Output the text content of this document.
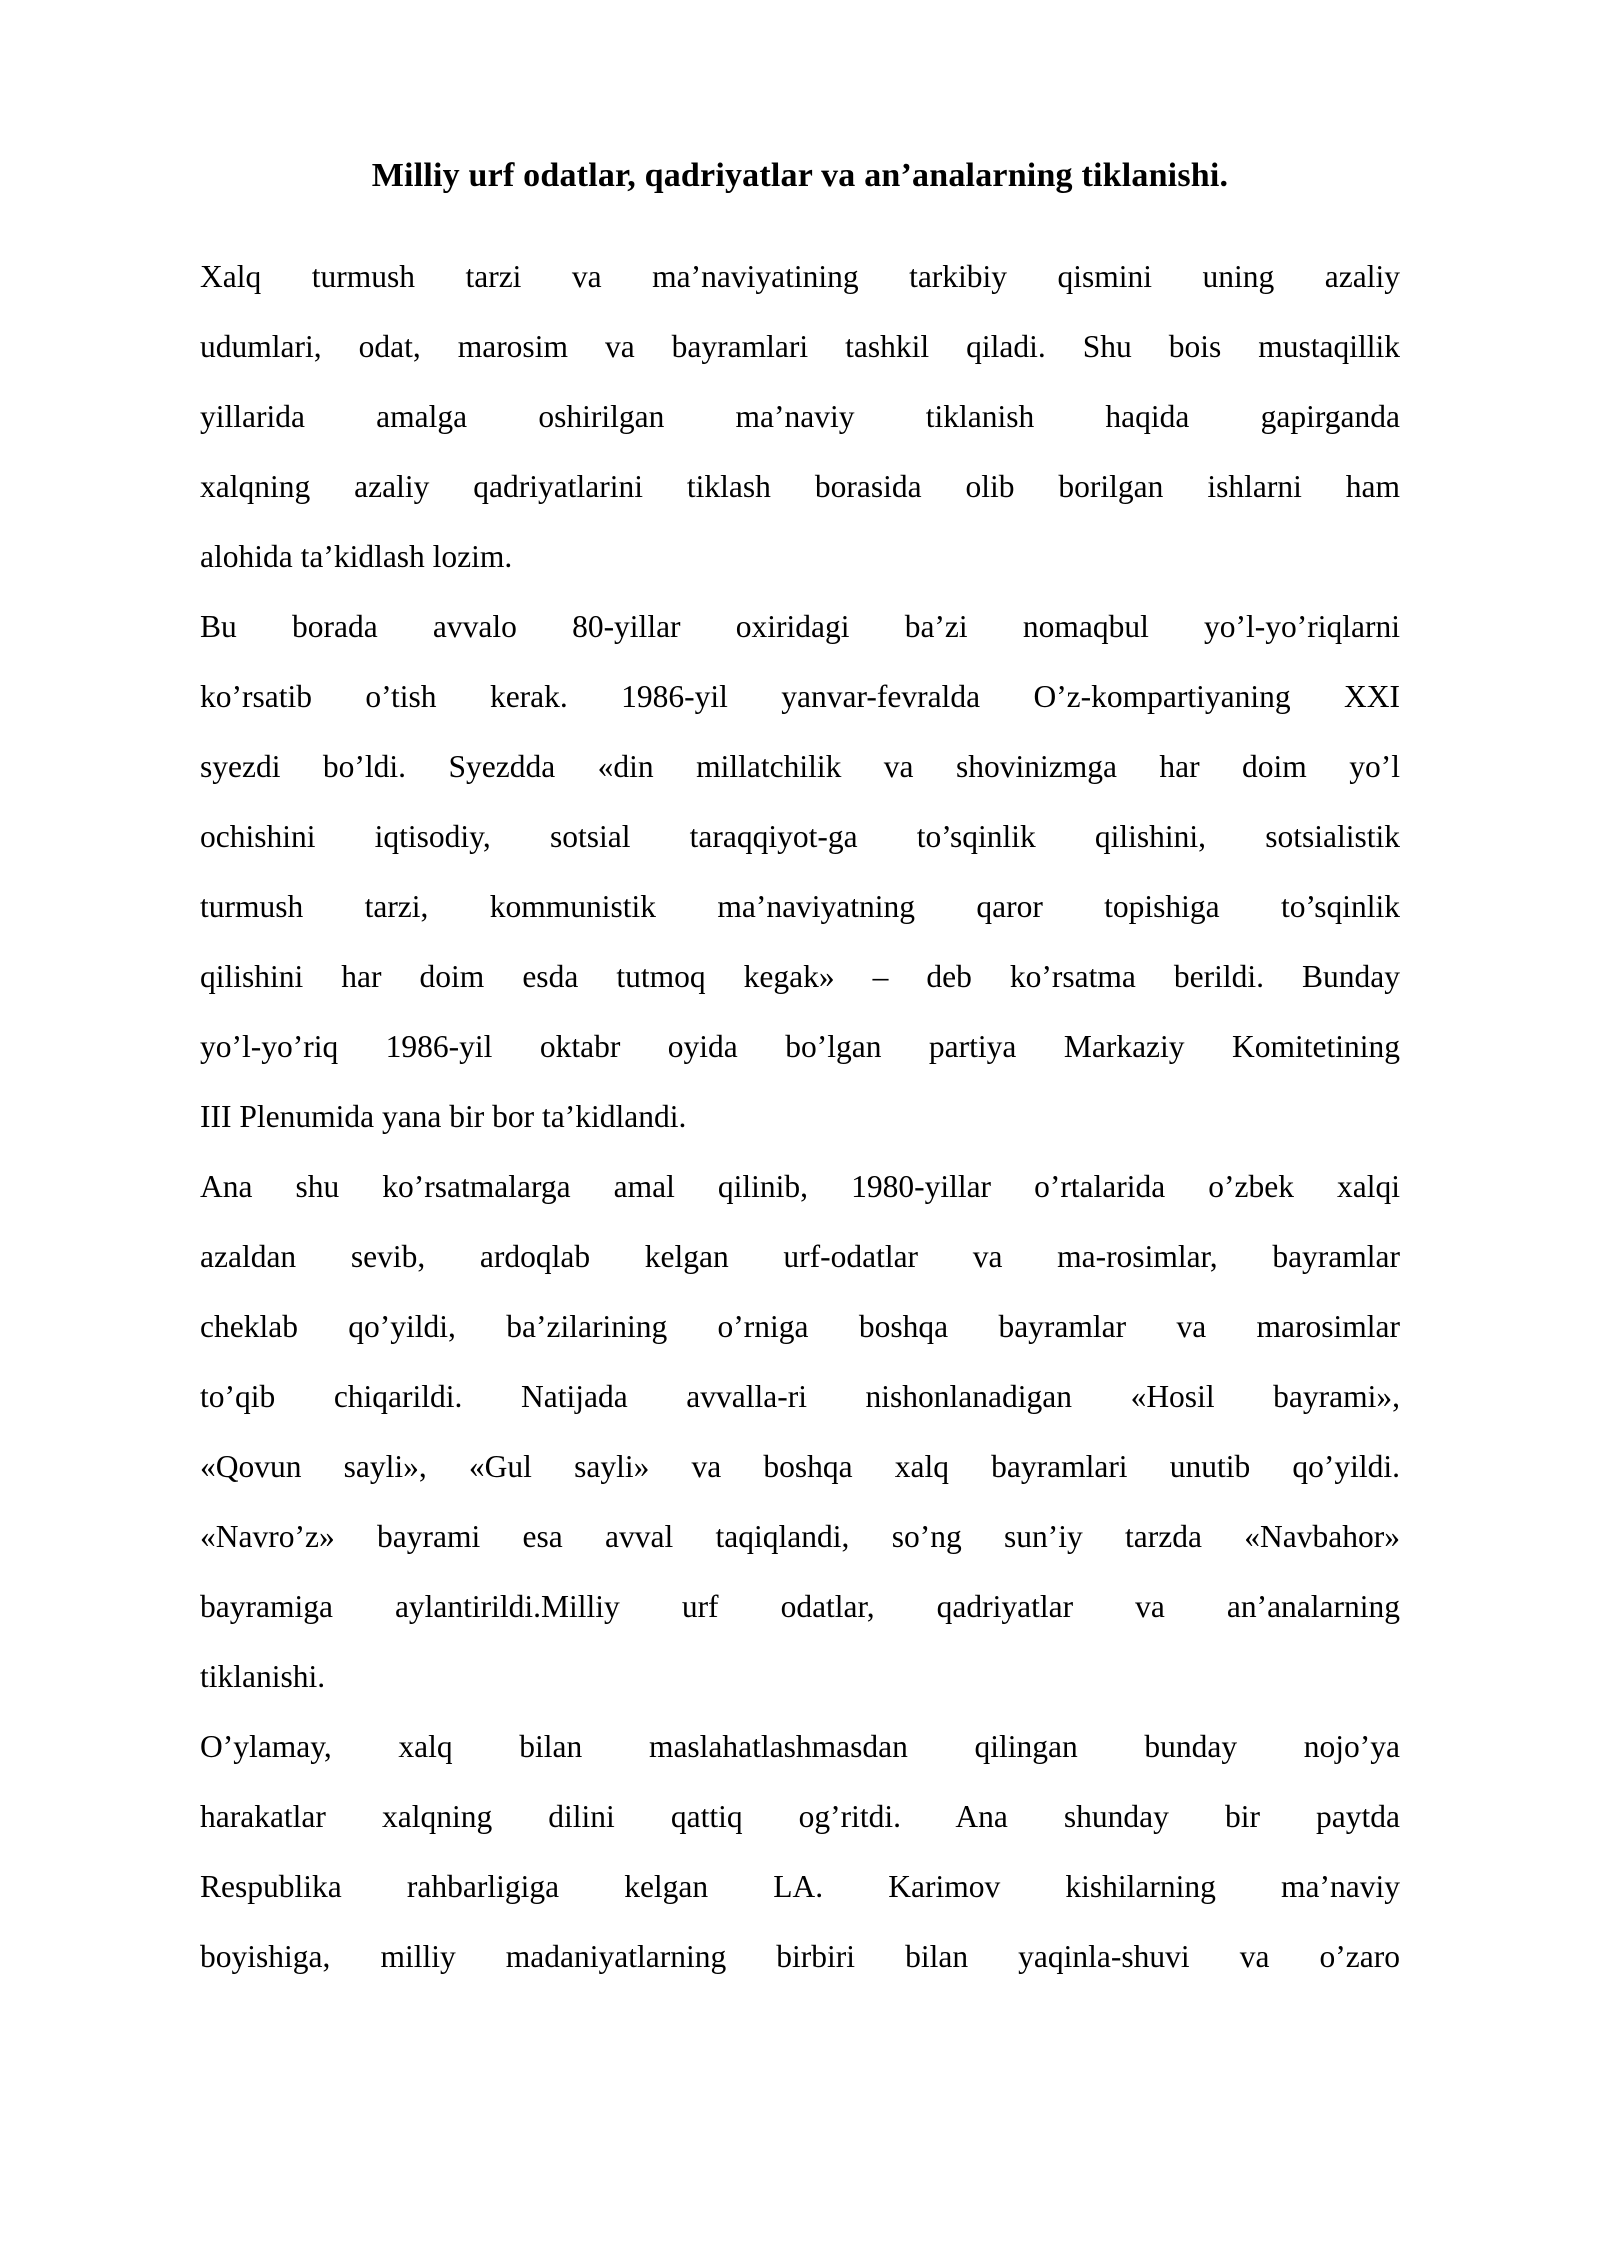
Milliy urf odatlar, qadriyatlar va an’analarning tiklanishi.
Xalq turmush tarzi va ma’naviyatining tarkibiy qismini uning azaliy
udumlari, odat, marosim va bayramlari tashkil qiladi. Shu bois mustaqillik
yillarida amalga oshirilgan ma’naviy tiklanish haqida gapirganda
xalqning azaliy qadriyatlarini tiklash borasida olib borilgan ishlarni ham
alohida ta’kidlash lozim.
Bu borada avvalo 80-yillar oxiridagi ba’zi nomaqbul yo’l-yo’riqlarni
ko’rsatib o’tish kerak. 1986-yil yanvar-fevralda O’z-kompartiyaning XXI
syezdi bo’ldi. Syezdda «din millatchilik va shovinizmga har doim yo’l
ochishini iqtisodiy, sotsial taraqqiyot-ga to’sqinlik qilishini, sotsialistik
turmush tarzi, kommunistik ma’naviyatning qaror topishiga to’sqinlik
qilishini har doim esda tutmoq kegak» – deb ko’rsatma berildi. Bunday
yo’l-yo’riq 1986-yil oktabr oyida bo’lgan partiya Markaziy Komitetining
III Plenumida yana bir bor ta’kidlandi.
Ana shu ko’rsatmalarga amal qilinib, 1980-yillar o’rtalarida o’zbek xalqi
azaldan sevib, ardoqlab kelgan urf-odatlar va ma-rosimlar, bayramlar
cheklab qo’yildi, ba’zilarining o’rniga boshqa bayramlar va marosimlar
to’qib chiqarildi. Natijada avvalla-ri nishonlanadigan «Hosil bayrami»,
«Qovun sayli», «Gul sayli» va boshqa xalq bayramlari unutib qo’yildi.
«Navro’z» bayrami esa avval taqiqlandi, so’ng sun’iy tarzda «Navbahor»
bayramiga aylantirildi.Milliy urf odatlar, qadriyatlar va an’analarning
tiklanishi.
O’ylamay, xalq bilan maslahatlashmasdan qilingan bunday nojo’ya
harakatlar xalqning dilini qattiq og’ritdi. Ana shunday bir paytda
Respublika rahbarligiga kelgan LA. Karimov kishilarning ma’naviy
boyishiga, milliy madaniyatlarning birbiri bilan yaqinla-shuvi va o’zaro
